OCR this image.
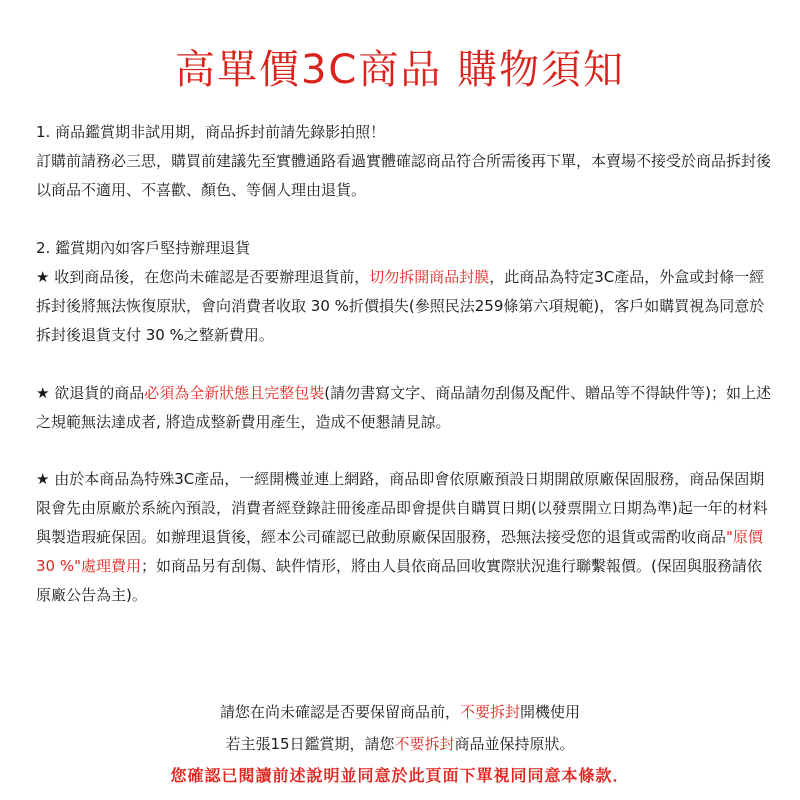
高單價3C商品 購物須知

1. 商品鑑賞期非試用期，商品拆封前請先錄影拍照！

訂購前請務必三思，購買前建議先至實體通路看過實體確認商品符合所需後再下單，本賣場不接受於商品拆封後以商品不適用、不喜歡、顏色、等個人理由退貨。

2. 鑑賞期內如客戶堅持辦理退貨

★ 收到商品後，在您尚未確認是否要辦理退貨前，切勿拆開商品封膜，此商品為特定3C產品，外盒或封條一經拆封後將無法恢復原狀，會向消費者收取 30 %折價損失(參照民法259條第六項規範)，客戶如購買視為同意於拆封後退貨支付 30 %之整新費用。

★ 欲退貨的商品必須為全新狀態且完整包裝(請勿書寫文字、商品請勿刮傷及配件、贈品等不得缺件等)；如上述之規範無法達成者, 將造成整新費用產生，造成不便懇請見諒。

★ 由於本商品為特殊3C產品，一經開機並連上網路，商品即會依原廠預設日期開啟原廠保固服務，商品保固期限會先由原廠於系統內預設，消費者經登錄註冊後產品即會提供自購買日期(以發票開立日期為準)起一年的材料與製造瑕疵保固。如辦理退貨後，經本公司確認已啟動原廠保固服務，恐無法接受您的退貨或需酌收商品"原價 30 %"處理費用；如商品另有刮傷、缺件情形，將由人員依商品回收實際狀況進行聯繫報價。(保固與服務請依原廠公告為主)。

請您在尚未確認是否要保留商品前，不要拆封開機使用

若主張15日鑑賞期，請您不要拆封商品並保持原狀。

您確認已閱讀前述說明並同意於此頁面下單視同同意本條款．
